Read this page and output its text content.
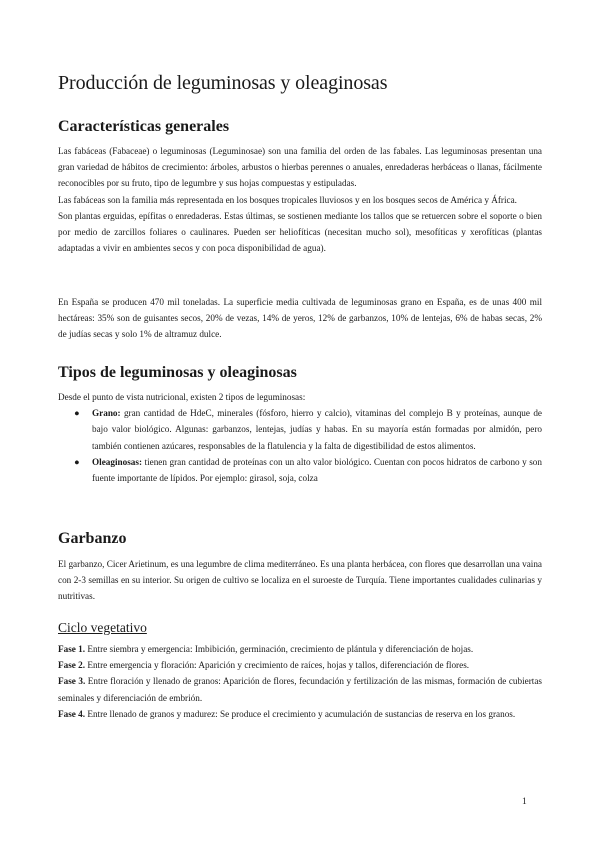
Producción de leguminosas y oleaginosas
Características generales

Las fabáceas (Fabaceae) o leguminosas (Leguminosae) son una familia del orden de las fabales. Las leguminosas presentan una gran variedad de hábitos de crecimiento: árboles, arbustos o hierbas perennes o anuales, enredaderas herbáceas o llanas, fácilmente reconocibles por su fruto, tipo de legumbre y sus hojas compuestas y estipuladas.

Las fabáceas son la familia más representada en los bosques tropicales lluviosos y en los bosques secos de América y África.

Son plantas erguidas, epífitas o enredaderas. Estas últimas, se sostienen mediante los tallos que se retuercen sobre el soporte o bien por medio de zarcillos foliares o caulinares. Pueden ser heliofíticas (necesitan mucho sol), mesofíticas y xerofíticas (plantas adaptadas a vivir en ambientes secos y con poca disponibilidad de agua).

En España se producen 470 mil toneladas. La superficie media cultivada de leguminosas grano en España, es de unas 400 mil hectáreas: 35% son de guisantes secos, 20% de vezas, 14% de yeros, 12% de garbanzos, 10% de lentejas, 6% de habas secas, 2% de judías secas y solo 1% de altramuz dulce.

Tipos de leguminosas y oleaginosas

Desde el punto de vista nutricional, existen 2 tipos de leguminosas:

● Grano: gran cantidad de HdeC, minerales (fósforo, hierro y calcio), vitaminas del complejo B y proteínas, aunque de bajo valor biológico. Algunas: garbanzos, lentejas, judías y habas. En su mayoría están formadas por almidón, pero también contienen azúcares, responsables de la flatulencia y la falta de digestibilidad de estos alimentos.
● Oleaginosas: tienen gran cantidad de proteínas con un alto valor biológico. Cuentan con pocos hidratos de carbono y son fuente importante de lípidos. Por ejemplo: girasol, soja, colza
Garbanzo

El garbanzo, Cicer Arietinum, es una legumbre de clima mediterráneo. Es una planta herbácea, con flores que desarrollan una vaina con 2-3 semillas en su interior. Su origen de cultivo se localiza en el suroeste de Turquía. Tiene importantes cualidades culinarias y nutritivas.

Ciclo vegetativo

Fase 1. Entre siembra y emergencia: Imbibición, germinación, crecimiento de plántula y diferenciación de hojas.

Fase 2. Entre emergencia y floración: Aparición y crecimiento de raíces, hojas y tallos, diferenciación de flores.

Fase 3. Entre floración y llenado de granos: Aparición de flores, fecundación y fertilización de las mismas, formación de cubiertas seminales y diferenciación de embrión.

Fase 4. Entre llenado de granos y madurez: Se produce el crecimiento y acumulación de sustancias de reserva en los granos.

1
